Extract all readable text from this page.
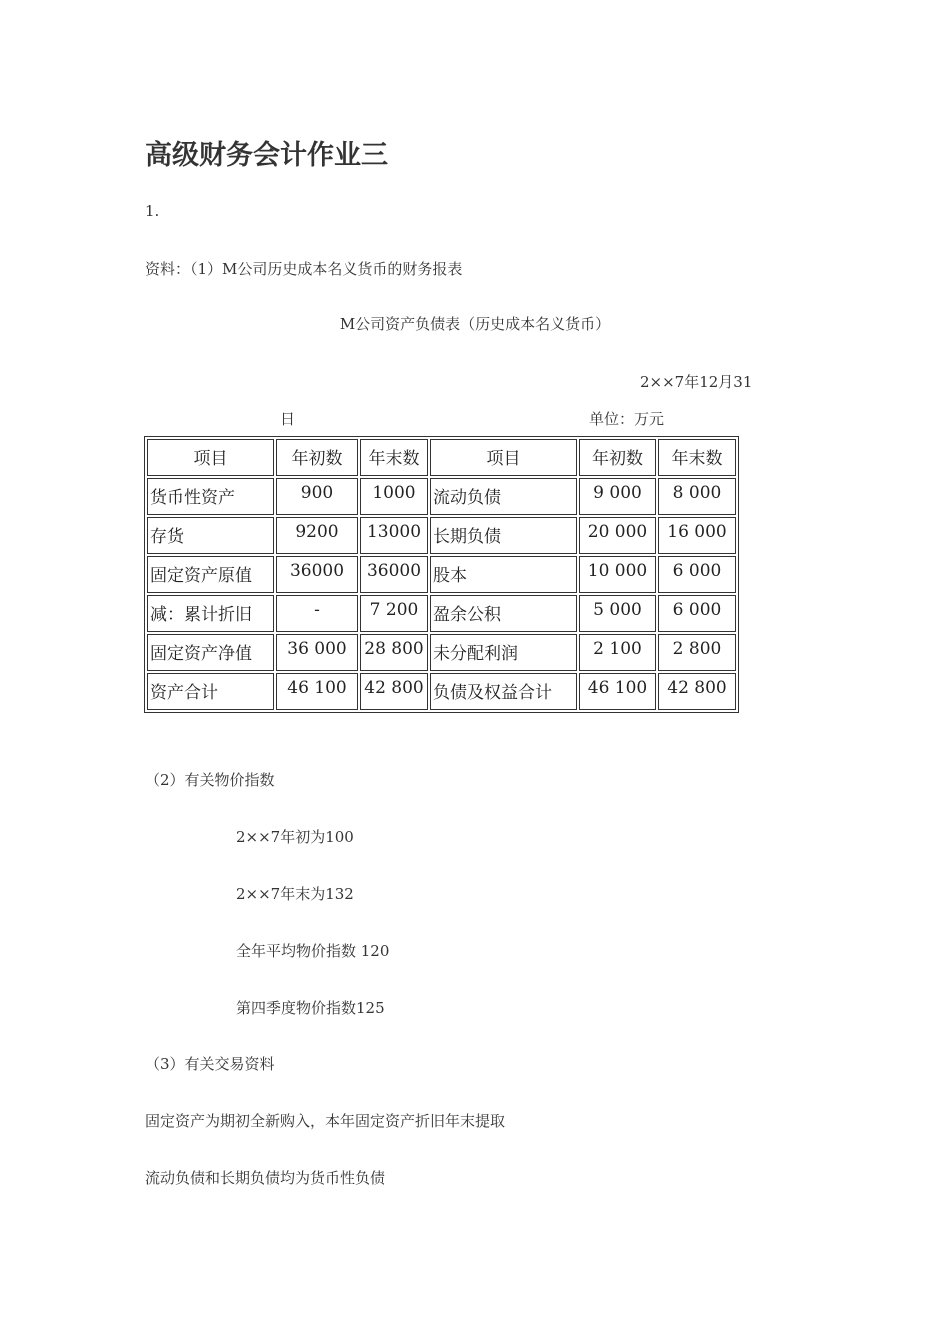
高级财务会计作业三
1.
资料：（1）M公司历史成本名义货币的财务报表
M公司资产负债表（历史成本名义货币）
2××7年12月31
日	单位：万元
项目	年初数	年末数	项目	年初数	年末数
货币性资产	900	1000	流动负债	9 000	8 000
存货	9200	13000	长期负债	20 000	16 000
固定资产原值	36000	36000	股本	10 000	6 000
减：累计折旧	-	7 200	盈余公积	5 000	6 000
固定资产净值	36 000	28 800	未分配利润	2 100	2 800
资产合计	46 100	42 800	负债及权益合计	46 100	42 800
（2）有关物价指数
2××7年初为100
2××7年末为132
全年平均物价指数 120
第四季度物价指数125
（3）有关交易资料
固定资产为期初全新购入，本年固定资产折旧年末提取
流动负债和长期负债均为货币性负债
